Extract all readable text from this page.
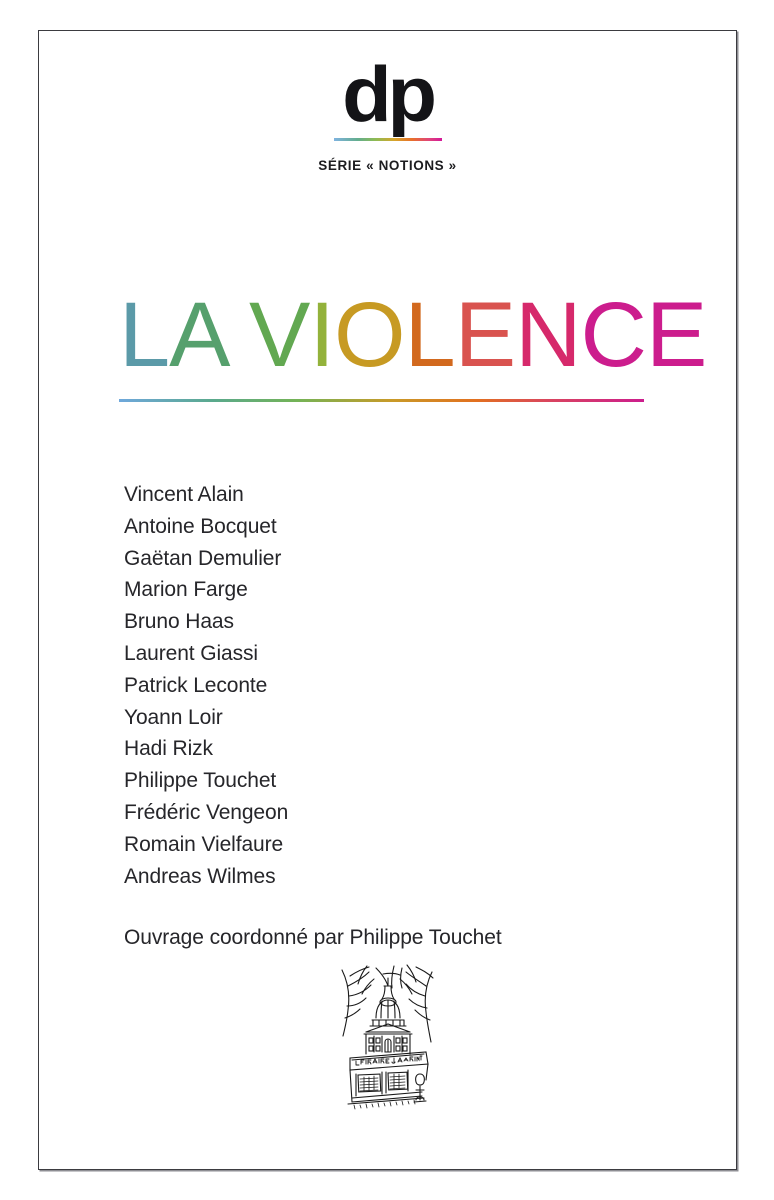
dp
SÉRIE « NOTIONS »
LA VIOLENCE
Vincent Alain
Antoine Bocquet
Gaëtan Demulier
Marion Farge
Bruno Haas
Laurent Giassi
Patrick Leconte
Yoann Loir
Hadi Rizk
Philippe Touchet
Frédéric Vengeon
Romain Vielfaure
Andreas Wilmes
Ouvrage coordonné par Philippe Touchet
